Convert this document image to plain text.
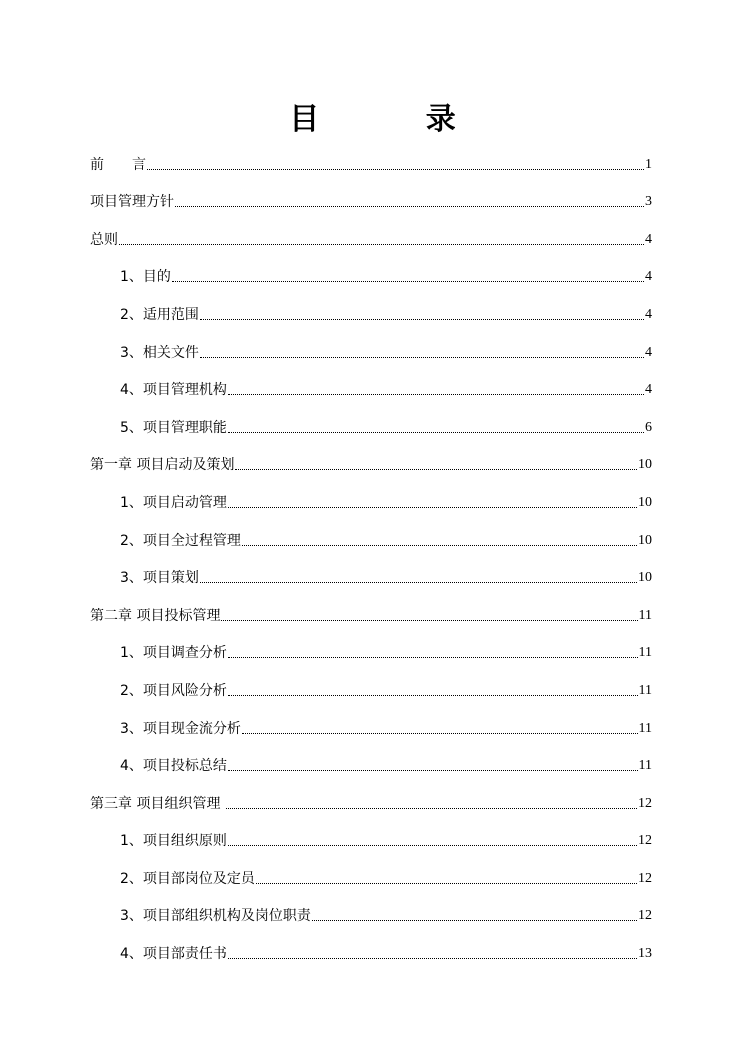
目 录
前　　言	1
项目管理方针	3
总则	4
1、目的	4
2、适用范围	4
3、相关文件	4
4、项目管理机构	4
5、项目管理职能	6
第一章 项目启动及策划	10
1、项目启动管理	10
2、项目全过程管理	10
3、项目策划	10
第二章 项目投标管理	11
1、项目调查分析	11
2、项目风险分析	11
3、项目现金流分析	11
4、项目投标总结	11
第三章 项目组织管理	12
1、项目组织原则	12
2、项目部岗位及定员	12
3、项目部组织机构及岗位职责	12
4、项目部责任书	13
